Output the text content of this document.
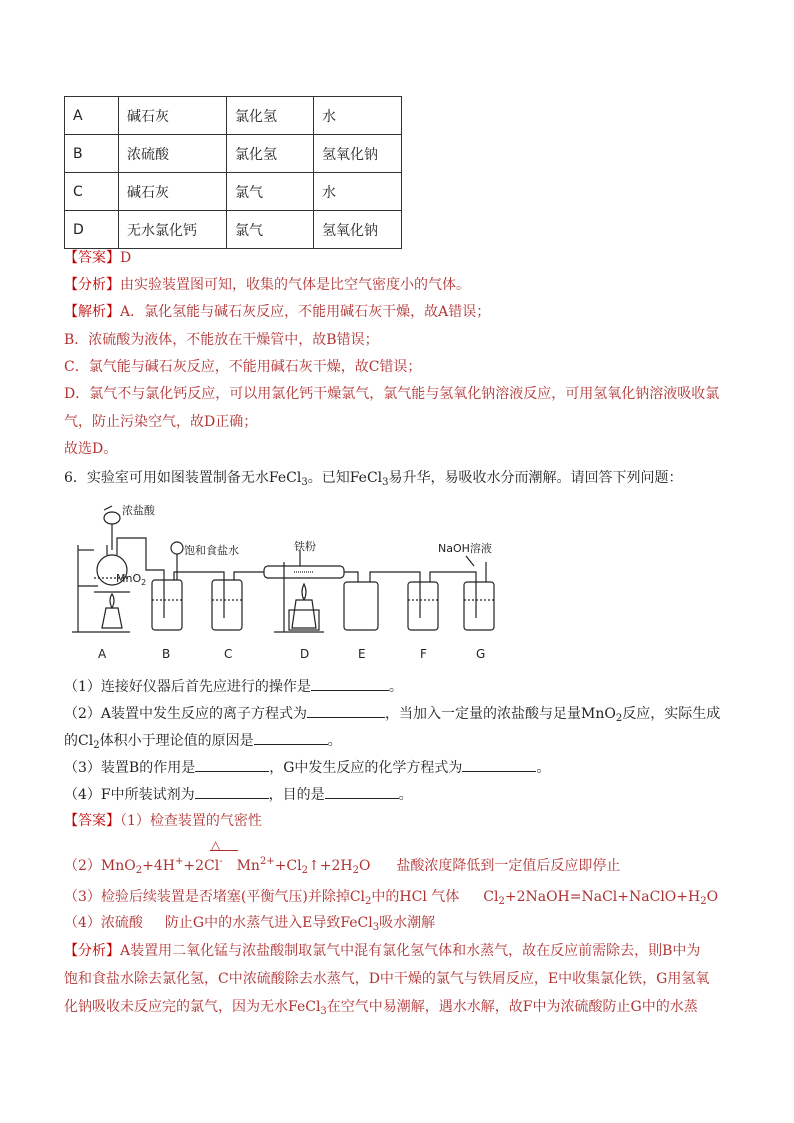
A	碱石灰	氯化氢	水
B	浓硫酸	氯化氢	氢氧化钠
C	碱石灰	氯气	水
D	无水氯化钙	氯气	氢氧化钠
【答案】D
【分析】由实验装置图可知，收集的气体是比空气密度小的气体。
【解析】A．氯化氢能与碱石灰反应，不能用碱石灰干燥，故A错误；
B．浓硫酸为液体，不能放在干燥管中，故B错误；
C．氯气能与碱石灰反应，不能用碱石灰干燥，故C错误；
D．氯气不与氯化钙反应，可以用氯化钙干燥氯气，氯气能与氢氧化钠溶液反应，可用氢氧化钠溶液吸收氯
气，防止污染空气，故D正确；
故选D。
6．实验室可用如图装置制备无水FeCl$_3$。已知FeCl$_3$易升华，易吸收水分而潮解。请回答下列问题：
浓盐酸
饱和食盐水	铁粉	NaOH溶液
MnO$_2$
A	B	C	D	E	F	G
（1）连接好仪器后首先应进行的操作是	。
（2）A装置中发生反应的离子方程式为	，当加入一定量的浓盐酸与足量MnO$_2$反应，实际生成
的$Cl_2$体积小于理论值的原因是	。
（3）装置B的作用是	，G中发生反应的化学方程式为	。
（4）F中所装试剂为	，目的是	。
【答案】（1）检查装置的气密性
△
（2）MnO$_2$+4H++2Cl- $Mn^{2+}+Cl_2↑+2H_2O$ 盐酸浓度降低到一定值后反应即停止
（3）检验后续装置是否堵塞(平衡气压)并除掉$Cl_2$中的HCl 气体 $Cl_2+2NaOH=NaCl+NaClO+H_2O$
（4）浓硫酸 防止G中的水蒸气进入E导致FeCl$_3$吸水潮解
【分析】A装置用二氧化锰与浓盐酸制取氯气中混有氯化氢气体和水蒸气，故在反应前需除去，則B中为
饱和食盐水除去氯化氢，C中浓硫酸除去水蒸气，D中干燥的氯气与铁屑反应，E中收集氯化铁，G用氢氧
化钠吸收未反应完的氯气，因为无水FeCl$_3$在空气中易潮解，遇水水解，故F中为浓硫酸防止G中的水蒸
